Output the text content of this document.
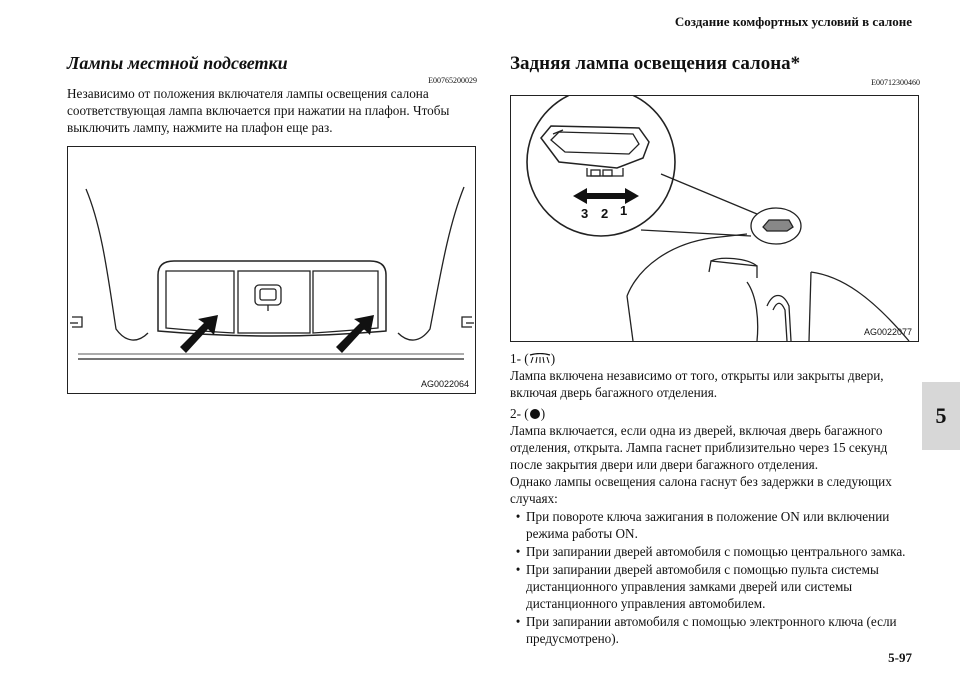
Создание комфортных условий в салоне
5
5-97
Лампы местной подсветки
E00765200029
Независимо от положения включателя лампы освещения салона соответствующая лампа включается при нажатии на плафон. Чтобы выключить лампу, нажмите на плафон еще раз.
AG0022064
Задняя лампа освещения салона*
E00712300460
3 2 1
AG0022077
1- ( )
Лампа включена независимо от того, открыты или закрыты двери, включая дверь багажного отделения.
2- ( )
Лампа включается, если одна из дверей, включая дверь багажного отделения, открыта. Лампа гаснет приблизительно через 15 секунд после закрытия двери или двери багажного отделения.
Однако лампы освещения салона гаснут без задержки в следующих случаях:
• При повороте ключа зажигания в положение ON или включении режима работы ON.
• При запирании дверей автомобиля с помощью центрального замка.
• При запирании дверей автомобиля с помощью пульта системы дистанционного управления замками дверей или системы дистанционного управления автомобилем.
• При запирании автомобиля с помощью электронного ключа (если предусмотрено).
